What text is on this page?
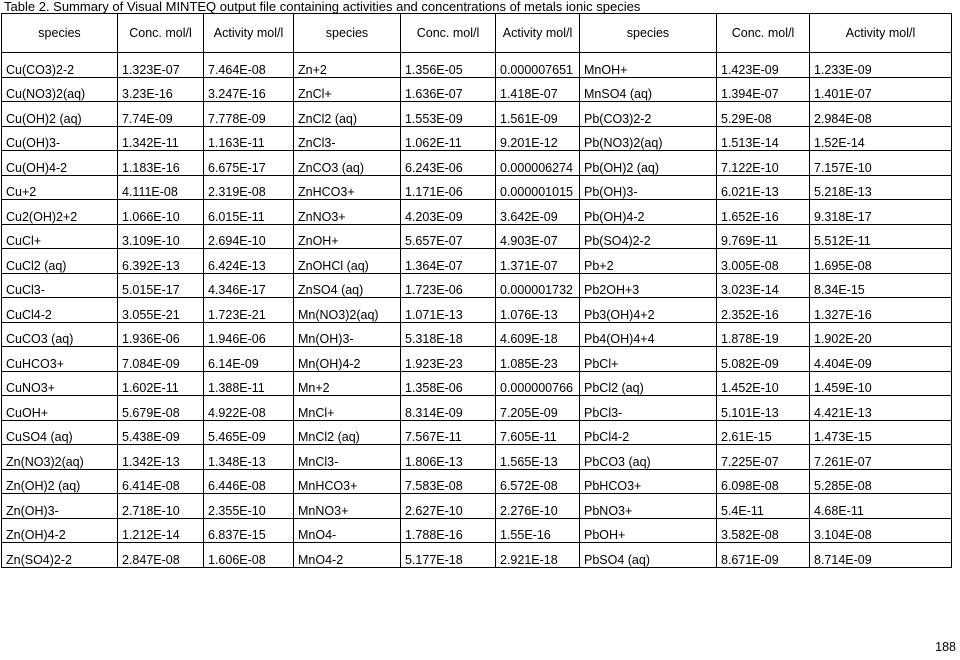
Table 2. Summary of Visual MINTEQ output file containing activities and concentrations of metals ionic species
species	Conc. mol/l	Activity mol/l	species	Conc. mol/l	Activity mol/l	species	Conc. mol/l	Activity mol/l
Cu(CO3)2-2	1.323E-07	7.464E-08	Zn+2	1.356E-05	0.000007651	MnOH+	1.423E-09	1.233E-09
Cu(NO3)2(aq)	3.23E-16	3.247E-16	ZnCl+	1.636E-07	1.418E-07	MnSO4 (aq)	1.394E-07	1.401E-07
Cu(OH)2 (aq)	7.74E-09	7.778E-09	ZnCl2 (aq)	1.553E-09	1.561E-09	Pb(CO3)2-2	5.29E-08	2.984E-08
Cu(OH)3-	1.342E-11	1.163E-11	ZnCl3-	1.062E-11	9.201E-12	Pb(NO3)2(aq)	1.513E-14	1.52E-14
Cu(OH)4-2	1.183E-16	6.675E-17	ZnCO3 (aq)	6.243E-06	0.000006274	Pb(OH)2 (aq)	7.122E-10	7.157E-10
Cu+2	4.111E-08	2.319E-08	ZnHCO3+	1.171E-06	0.000001015	Pb(OH)3-	6.021E-13	5.218E-13
Cu2(OH)2+2	1.066E-10	6.015E-11	ZnNO3+	4.203E-09	3.642E-09	Pb(OH)4-2	1.652E-16	9.318E-17
CuCl+	3.109E-10	2.694E-10	ZnOH+	5.657E-07	4.903E-07	Pb(SO4)2-2	9.769E-11	5.512E-11
CuCl2 (aq)	6.392E-13	6.424E-13	ZnOHCl (aq)	1.364E-07	1.371E-07	Pb+2	3.005E-08	1.695E-08
CuCl3-	5.015E-17	4.346E-17	ZnSO4 (aq)	1.723E-06	0.000001732	Pb2OH+3	3.023E-14	8.34E-15
CuCl4-2	3.055E-21	1.723E-21	Mn(NO3)2(aq)	1.071E-13	1.076E-13	Pb3(OH)4+2	2.352E-16	1.327E-16
CuCO3 (aq)	1.936E-06	1.946E-06	Mn(OH)3-	5.318E-18	4.609E-18	Pb4(OH)4+4	1.878E-19	1.902E-20
CuHCO3+	7.084E-09	6.14E-09	Mn(OH)4-2	1.923E-23	1.085E-23	PbCl+	5.082E-09	4.404E-09
CuNO3+	1.602E-11	1.388E-11	Mn+2	1.358E-06	0.000000766	PbCl2 (aq)	1.452E-10	1.459E-10
CuOH+	5.679E-08	4.922E-08	MnCl+	8.314E-09	7.205E-09	PbCl3-	5.101E-13	4.421E-13
CuSO4 (aq)	5.438E-09	5.465E-09	MnCl2 (aq)	7.567E-11	7.605E-11	PbCl4-2	2.61E-15	1.473E-15
Zn(NO3)2(aq)	1.342E-13	1.348E-13	MnCl3-	1.806E-13	1.565E-13	PbCO3 (aq)	7.225E-07	7.261E-07
Zn(OH)2 (aq)	6.414E-08	6.446E-08	MnHCO3+	7.583E-08	6.572E-08	PbHCO3+	6.098E-08	5.285E-08
Zn(OH)3-	2.718E-10	2.355E-10	MnNO3+	2.627E-10	2.276E-10	PbNO3+	5.4E-11	4.68E-11
Zn(OH)4-2	1.212E-14	6.837E-15	MnO4-	1.788E-16	1.55E-16	PbOH+	3.582E-08	3.104E-08
Zn(SO4)2-2	2.847E-08	1.606E-08	MnO4-2	5.177E-18	2.921E-18	PbSO4 (aq)	8.671E-09	8.714E-09
188
